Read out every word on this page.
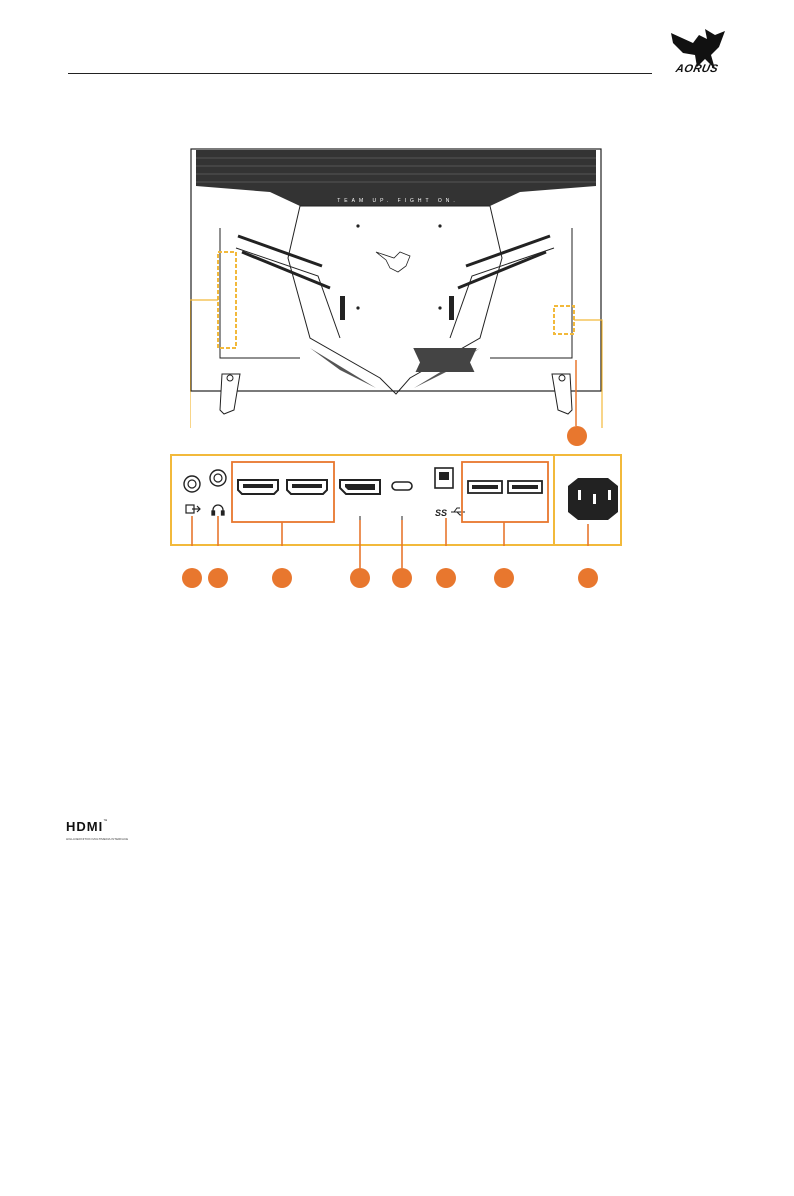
AORUS
TEAM UP. FIGHT ON.
SS
HDMI™
HIGH-DEFINITION MULTIMEDIA INTERFACE
